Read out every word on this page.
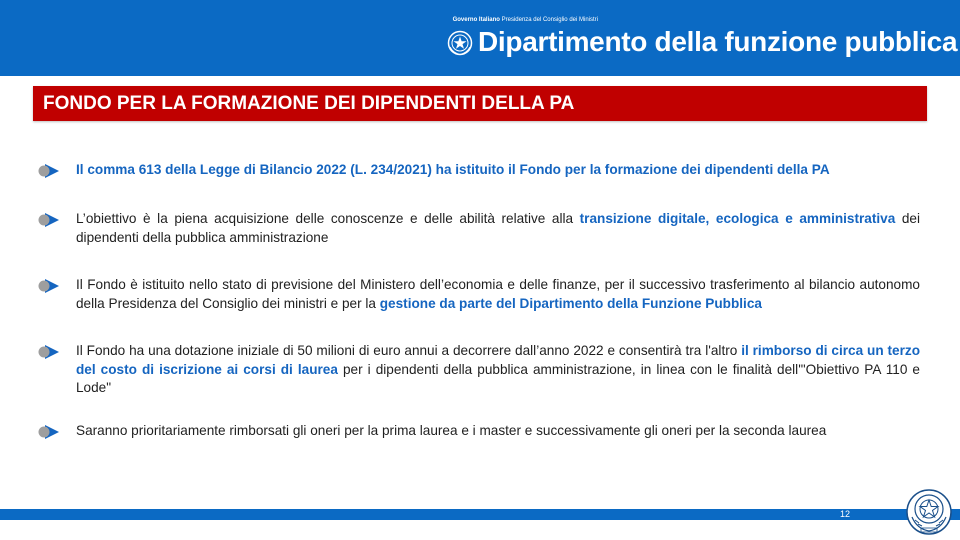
Governo Italiano Presidenza del Consiglio dei Ministri
Dipartimento della funzione pubblica
FONDO PER LA FORMAZIONE DEI DIPENDENTI DELLA PA
Il comma 613 della Legge di Bilancio 2022 (L. 234/2021) ha istituito il Fondo per la formazione dei dipendenti della PA
L’obiettivo è la piena acquisizione delle conoscenze e delle abilità relative alla transizione digitale, ecologica e amministrativa dei dipendenti della pubblica amministrazione
Il Fondo è istituito nello stato di previsione del Ministero dell’economia e delle finanze, per il successivo trasferimento al bilancio autonomo della Presidenza del Consiglio dei ministri e per la gestione da parte del Dipartimento della Funzione Pubblica
Il Fondo ha una dotazione iniziale di 50 milioni di euro annui a decorrere dall’anno 2022 e consentirà tra l'altro il rimborso di circa un terzo del costo di iscrizione ai corsi di laurea per i dipendenti della pubblica amministrazione, in linea con le finalità dell'"Obiettivo PA 110 e Lode"
Saranno prioritariamente rimborsati gli oneri per la prima laurea e i master e successivamente gli oneri per la seconda laurea
12
